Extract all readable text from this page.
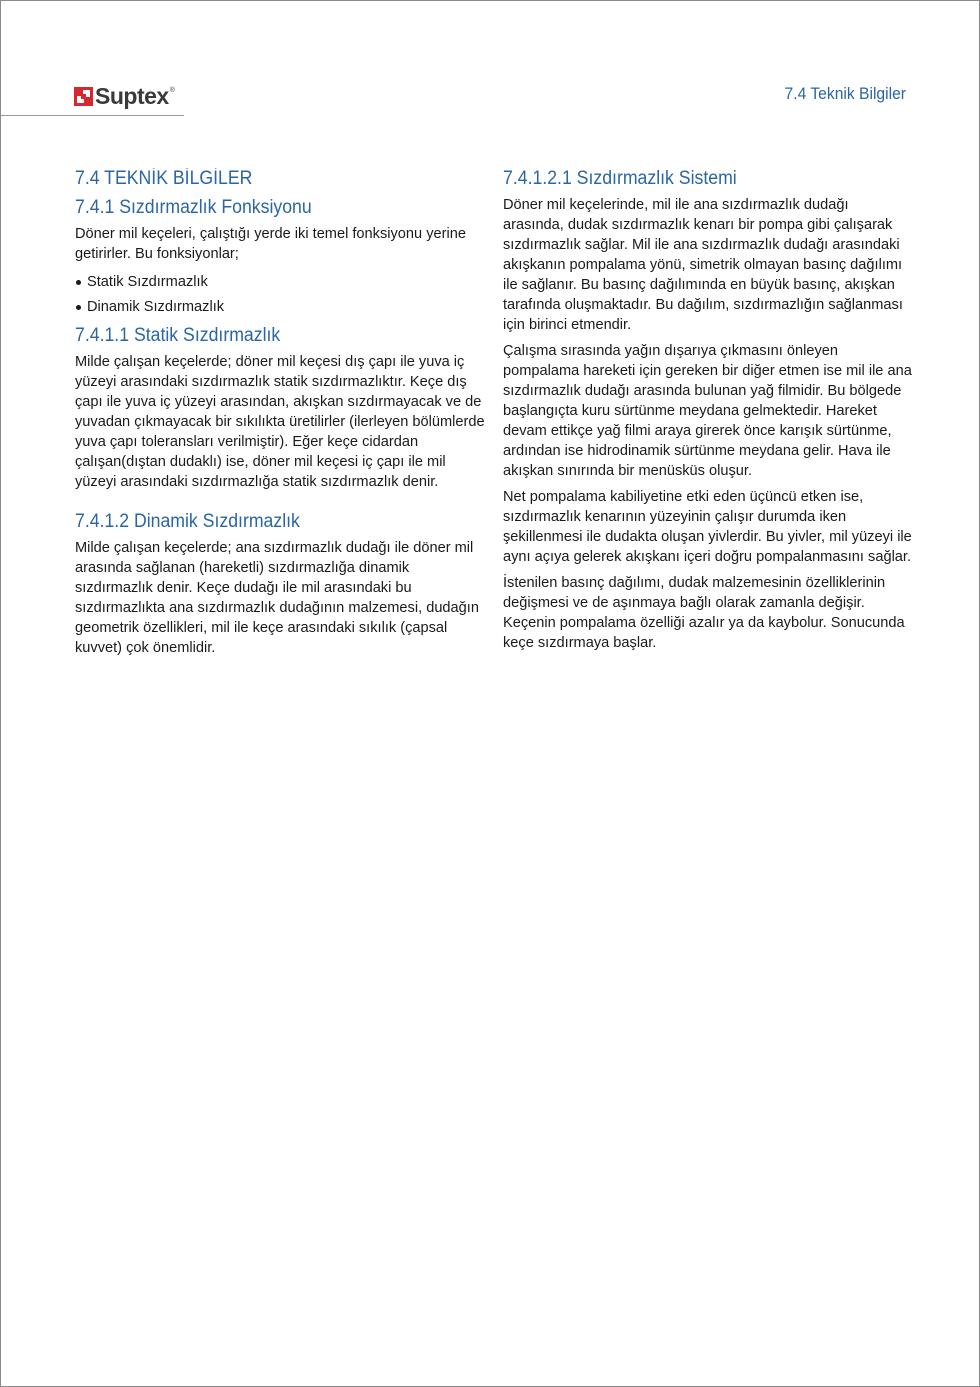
Suptex ®	7.4 Teknik Bilgiler
7.4 TEKNİK BİLGİLER
7.4.1 Sızdırmazlık Fonksiyonu

Döner mil keçeleri, çalıştığı yerde iki temel fonksiyonu yerine getirirler. Bu fonksiyonlar;

Statik Sızdırmazlık
Dinamik Sızdırmazlık
7.4.1.1 Statik Sızdırmazlık

Milde çalışan keçelerde; döner mil keçesi dış çapı ile yuva iç yüzeyi arasındaki sızdırmazlık statik sızdırmazlıktır. Keçe dış çapı ile yuva iç yüzeyi arasından, akışkan sızdırmayacak ve de yuvadan çıkmayacak bir sıkılıkta üretilirler (ilerleyen bölümlerde yuva çapı toleransları verilmiştir). Eğer keçe cidardan çalışan(dıştan dudaklı) ise, döner mil keçesi iç çapı ile mil yüzeyi arasındaki sızdırmazlığa statik sızdırmazlık denir.

7.4.1.2 Dinamik Sızdırmazlık

Milde çalışan keçelerde; ana sızdırmazlık dudağı ile döner mil arasında sağlanan (hareketli) sızdırmazlığa dinamik sızdırmazlık denir. Keçe dudağı ile mil arasındaki bu sızdırmazlıkta ana sızdırmazlık dudağının malzemesi, dudağın geometrik özellikleri, mil ile keçe arasındaki sıkılık (çapsal kuvvet) çok önemlidir.

7.4.1.2.1 Sızdırmazlık Sistemi

Döner mil keçelerinde, mil ile ana sızdırmazlık dudağı arasında, dudak sızdırmazlık kenarı bir pompa gibi çalışarak sızdırmazlık sağlar. Mil ile ana sızdırmazlık dudağı arasındaki akışkanın pompalama yönü, simetrik olmayan basınç dağılımı ile sağlanır. Bu basınç dağılımında en büyük basınç, akışkan tarafında oluşmaktadır. Bu dağılım, sızdırmazlığın sağlanması için birinci etmendir.

Çalışma sırasında yağın dışarıya çıkmasını önleyen pompalama hareketi için gereken bir diğer etmen ise mil ile ana sızdırmazlık dudağı arasında bulunan yağ filmidir. Bu bölgede başlangıçta kuru sürtünme meydana gelmektedir. Hareket devam ettikçe yağ filmi araya girerek önce karışık sürtünme, ardından ise hidrodinamik sürtünme meydana gelir. Hava ile akışkan sınırında bir menüsküs oluşur.

Net pompalama kabiliyetine etki eden üçüncü etken ise, sızdırmazlık kenarının yüzeyinin çalışır durumda iken şekillenmesi ile dudakta oluşan yivlerdir. Bu yivler, mil yüzeyi ile aynı açıya gelerek akışkanı içeri doğru pompalanmasını sağlar.

İstenilen basınç dağılımı, dudak malzemesinin özelliklerinin değişmesi ve de aşınmaya bağlı olarak zamanla değişir. Keçenin pompalama özelliği azalır ya da kaybolur. Sonucunda keçe sızdırmaya başlar.
